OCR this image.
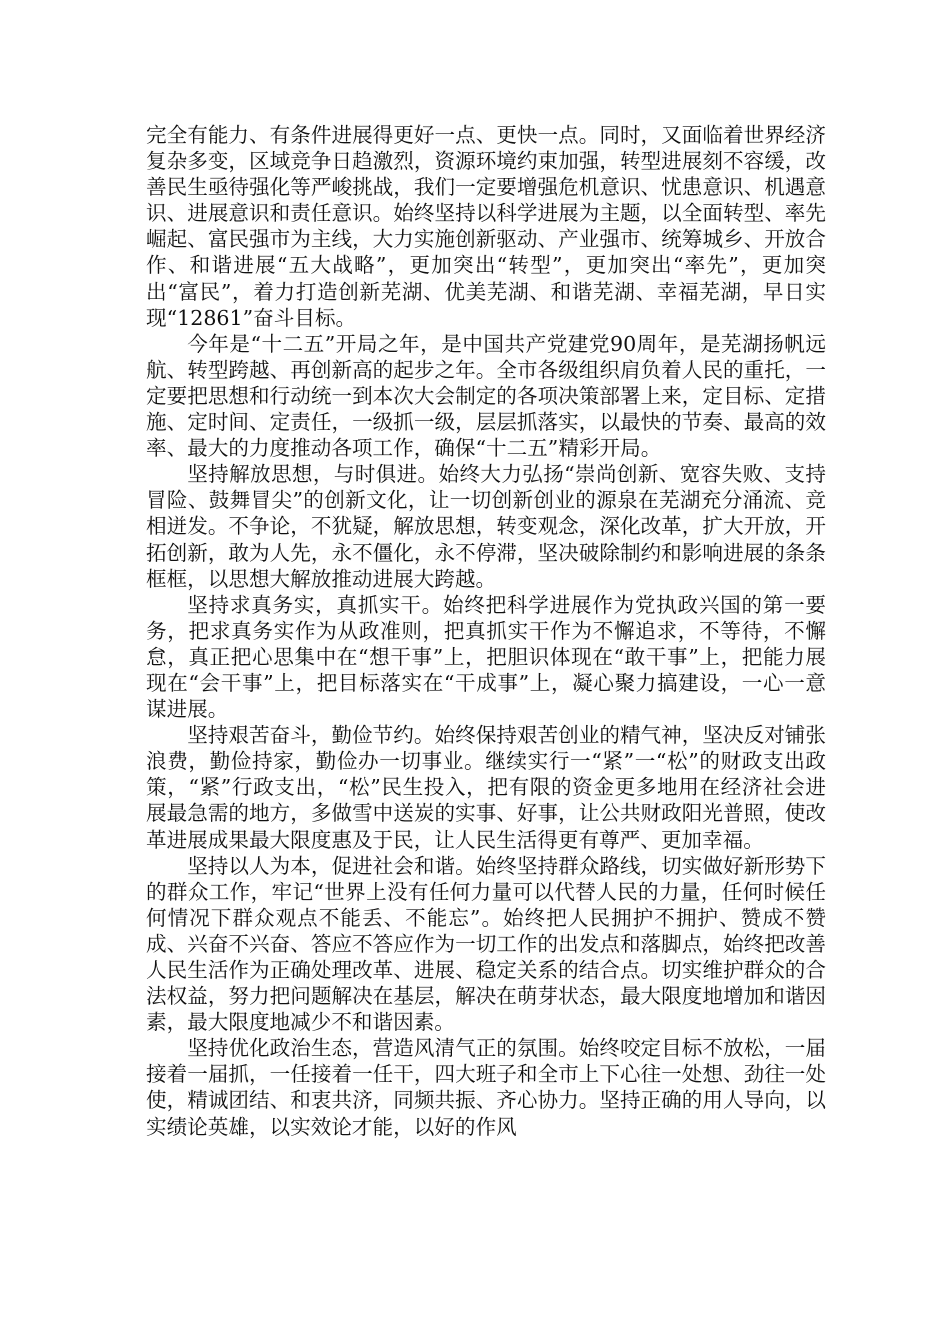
完全有能力、有条件进展得更好一点、更快一点。同时，又面临着世界经济复杂多变，区域竞争日趋激烈，资源环境约束加强，转型进展刻不容缓，改善民生亟待强化等严峻挑战，我们一定要增强危机意识、忧患意识、机遇意识、进展意识和责任意识。始终坚持以科学进展为主题，以全面转型、率先崛起、富民强市为主线，大力实施创新驱动、产业强市、统筹城乡、开放合作、和谐进展“五大战略”，更加突出“转型”，更加突出“率先”，更加突出“富民”，着力打造创新芜湖、优美芜湖、和谐芜湖、幸福芜湖，早日实现“12861”奋斗目标。

今年是“十二五”开局之年，是中国共产党建党90周年，是芜湖扬帆远航、转型跨越、再创新高的起步之年。全市各级组织肩负着人民的重托，一定要把思想和行动统一到本次大会制定的各项决策部署上来，定目标、定措施、定时间、定责任，一级抓一级，层层抓落实，以最快的节奏、最高的效率、最大的力度推动各项工作，确保“十二五”精彩开局。

坚持解放思想，与时俱进。始终大力弘扬“崇尚创新、宽容失败、支持冒险、鼓舞冒尖”的创新文化，让一切创新创业的源泉在芜湖充分涌流、竞相迸发。不争论，不犹疑，解放思想，转变观念，深化改革，扩大开放，开拓创新，敢为人先，永不僵化，永不停滞，坚决破除制约和影响进展的条条框框，以思想大解放推动进展大跨越。

坚持求真务实，真抓实干。始终把科学进展作为党执政兴国的第一要务，把求真务实作为从政准则，把真抓实干作为不懈追求，不等待，不懈怠，真正把心思集中在“想干事”上，把胆识体现在“敢干事”上，把能力展现在“会干事”上，把目标落实在“干成事”上，凝心聚力搞建设，一心一意谋进展。

坚持艰苦奋斗，勤俭节约。始终保持艰苦创业的精气神，坚决反对铺张浪费，勤俭持家，勤俭办一切事业。继续实行一“紧”一“松”的财政支出政策，“紧”行政支出，“松”民生投入，把有限的资金更多地用在经济社会进展最急需的地方，多做雪中送炭的实事、好事，让公共财政阳光普照，使改革进展成果最大限度惠及于民，让人民生活得更有尊严、更加幸福。

坚持以人为本，促进社会和谐。始终坚持群众路线，切实做好新形势下的群众工作，牢记“世界上没有任何力量可以代替人民的力量，任何时候任何情况下群众观点不能丢、不能忘”。始终把人民拥护不拥护、赞成不赞成、兴奋不兴奋、答应不答应作为一切工作的出发点和落脚点，始终把改善人民生活作为正确处理改革、进展、稳定关系的结合点。切实维护群众的合法权益，努力把问题解决在基层，解决在萌芽状态，最大限度地增加和谐因素，最大限度地减少不和谐因素。

坚持优化政治生态，营造风清气正的氛围。始终咬定目标不放松，一届接着一届抓，一任接着一任干，四大班子和全市上下心往一处想、劲往一处使，精诚团结、和衷共济，同频共振、齐心协力。坚持正确的用人导向，以实绩论英雄，以实效论才能，以好的作风
